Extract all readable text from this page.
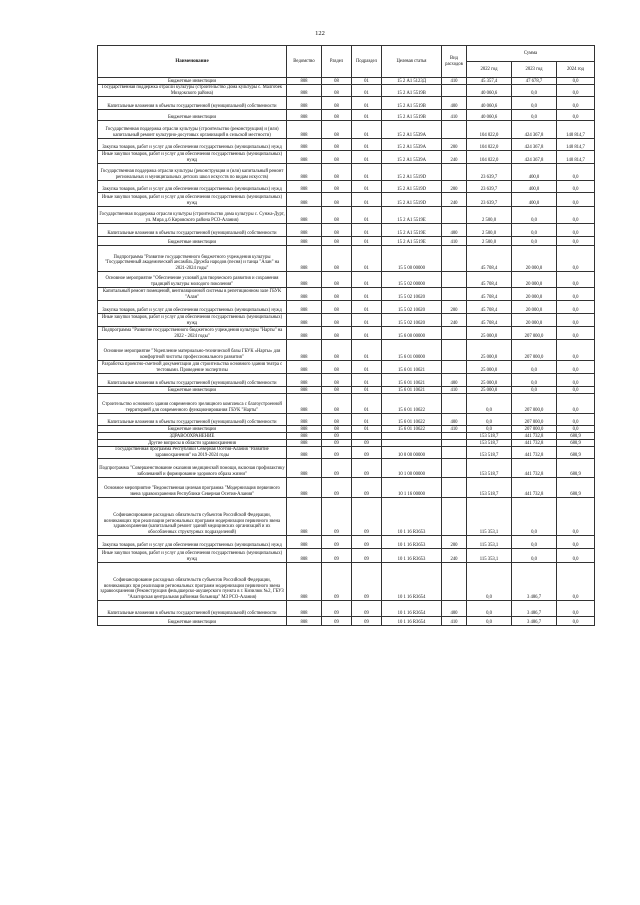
122
Наименование	Ведомство	Раздел	Подраздел	Целевая статья	Вид расходов	Сумма		
						2022 год	2023 год	2024 год
Бюджетные инвестиции	808	08	01	15 2 А1 5123Д	410	45 357,4	47 678,7	0,0
Государственная поддержка отрасли культуры (строительство Дома культуры с. Малгобек Моздокского района)	808	08	01	15 2 А1 5519В		40 060,6	0,0	0,0
Капитальные вложения в объекты государственной (муниципальной) собственности	808	08	01	15 2 А1 5519В	400	40 060,6	0,0	0,0
Бюджетные инвестиции	808	08	01	15 2 А1 5519В	410	40 060,6	0,0	0,0
Государственная поддержка отрасли культуры (строительство (реконструкция) и (или) капитальный ремонт культурно-досуговых организаций в сельской местности)	808	08	01	15 2 А1 5539А		104 022,0	424 367,8	140 814,7
Закупка товаров, работ и услуг для обеспечения государственных (муниципальных) нужд	808	08	01	15 2 А1 5539А	200	104 022,0	424 367,8	140 814,7
Иные закупки товаров, работ и услуг для обеспечения государственных (муниципальных) нужд	808	08	01	15 2 А1 5539А	240	104 022,0	424 367,8	140 814,7
Государственная поддержка отрасли культуры (реконструкция и (или) капитальный ремонт региональных и муниципальных детских школ искусств по видам искусств)	808	08	01	15 2 А1 5519D		23 639,7	400,0	0,0
Закупка товаров, работ и услуг для обеспечения государственных (муниципальных) нужд	808	08	01	15 2 А1 5519D	200	23 639,7	400,0	0,0
Иные закупки товаров, работ и услуг для обеспечения государственных (муниципальных) нужд	808	08	01	15 2 А1 5519D	240	23 639,7	400,0	0,0
Государственная поддержка отрасли культуры (строительство дома культуры с. Сунжа-Дурт, ул. Мира д.6 Кировского района РСО-Алания)	808	08	01	15 2 А1 5519Е		2 500,0	0,0	0,0
Капитальные вложения в объекты государственной (муниципальной) собственности	808	08	01	15 2 А1 5519Е	400	2 500,0	0,0	0,0
Бюджетные инвестиции	808	08	01	15 2 А1 5519Е	410	2 500,0	0,0	0,0
Подпрограмма "Развитие государственного бюджетного учреждения культуры "Государственный академический ансамбль Дружба народов (песня) и танца "Алан" на 2021-2024 годы"	808	08	01	15 5 00 00000		45 708,4	20 000,0	0,0
Основное мероприятие "Обеспечение условий для творческого развития и сохранения традиций культуры молодого поколения"	808	08	01	15 5 02 00000		45 708,4	20 000,0	0,0
Капитальный ремонт помещений, вентиляционной системы в репетиционном зале ГБУК "Алан"	808	08	01	15 5 02 10620		45 708,4	20 000,0	0,0
Закупка товаров, работ и услуг для обеспечения государственных (муниципальных) нужд	808	08	01	15 5 02 10620	200	45 708,4	20 000,0	0,0
Иные закупки товаров, работ и услуг для обеспечения государственных (муниципальных) нужд	808	08	01	15 5 02 10620	240	45 708,4	20 000,0	0,0
Подпрограмма "Развитие государственного бюджетного учреждения культуры "Нарты" на 2022 - 2024 годы"	808	08	01	15 6 00 00000		25 000,0	207 000,0	0,0
Основное мероприятие "Укрепление материально-технической базы ГБУК «Нарты» для комфортной чистоты профессионального развития"	808	08	01	15 6 01 00000		25 000,0	207 000,0	0,0
Разработка проектно-сметной документации для строительства основного здания театра с тестовыми. Проведение экспертизы	808	08	01	15 6 01 10621		25 000,0	0,0	0,0
Капитальные вложения в объекты государственной (муниципальной) собственности	808	08	01	15 6 01 10621	400	25 000,0	0,0	0,0
Бюджетные инвестиции	808	08	01	15 6 01 10621	410	25 000,0	0,0	0,0
Строительство основного здания современного зрелищного комплекса с благоустроенной территорией для современного функционирования ГБУК "Нарты"	808	08	01	15 6 01 10622		0,0	207 000,0	0,0
Капитальные вложения в объекты государственной (муниципальной) собственности	808	08	01	15 6 01 10622	400	0,0	207 000,0	0,0
Бюджетные инвестиции	808	08	01	15 6 01 10622	410	0,0	207 000,0	0,0
ЗДРАВООХРАНЕНИЕ	808	09				153 518,7	441 732,8	680,9
Другие вопросы в области здравоохранения	808	09	09			153 518,7	441 732,8	680,9
Государственная программа Республики Северная Осетия-Алания "Развитие здравоохранения" на 2019-2024 годы	808	09	09	10 0 00 00000		153 518,7	441 732,8	680,9
Подпрограмма "Совершенствование оказания медицинской помощи, включая профилактику заболеваний и формирование здорового образа жизни"	808	09	09	10 1 00 00000		153 518,7	441 732,8	680,9
Основное мероприятие "Ведомственная целевая программа "Модернизация первичного звена здравоохранения Республики Северная Осетия-Алания"	808	09	09	10 1 16 00000		153 518,7	441 732,8	680,9
Софинансирование расходных обязательств субъектов Российской Федерации, возникающих при реализации региональных программ модернизации первичного звена здравоохранения (капитальный ремонт зданий медицинских организаций и их обособленных структурных подразделений)	808	09	09	10 1 16 R3653		115 353,1	0,0	0,0
Закупка товаров, работ и услуг для обеспечения государственных (муниципальных) нужд	808	09	09	10 1 16 R3653	200	115 353,1	0,0	0,0
Иные закупки товаров, работ и услуг для обеспечения государственных (муниципальных) нужд	808	09	09	10 1 16 R3653	240	115 353,1	0,0	0,0
Софинансирование расходных обязательств субъектов Российской Федерации, возникающих при реализации региональных программ модернизации первичного звена здравоохранения (Реконструкция фельдшерско-акушерского пункта в г. Кизилюк №2, ГБУЗ "Алагирская центральная районная больница" МЗ РСО-Алания)	808	09	09	10 1 16 R3654		0,0	3 486,7	0,0
Капитальные вложения в объекты государственной (муниципальной) собственности	808	09	09	10 1 16 R3654	400	0,0	3 486,7	0,0
Бюджетные инвестиции	808	09	09	10 1 16 R3654	410	0,0	3 486,7	0,0
